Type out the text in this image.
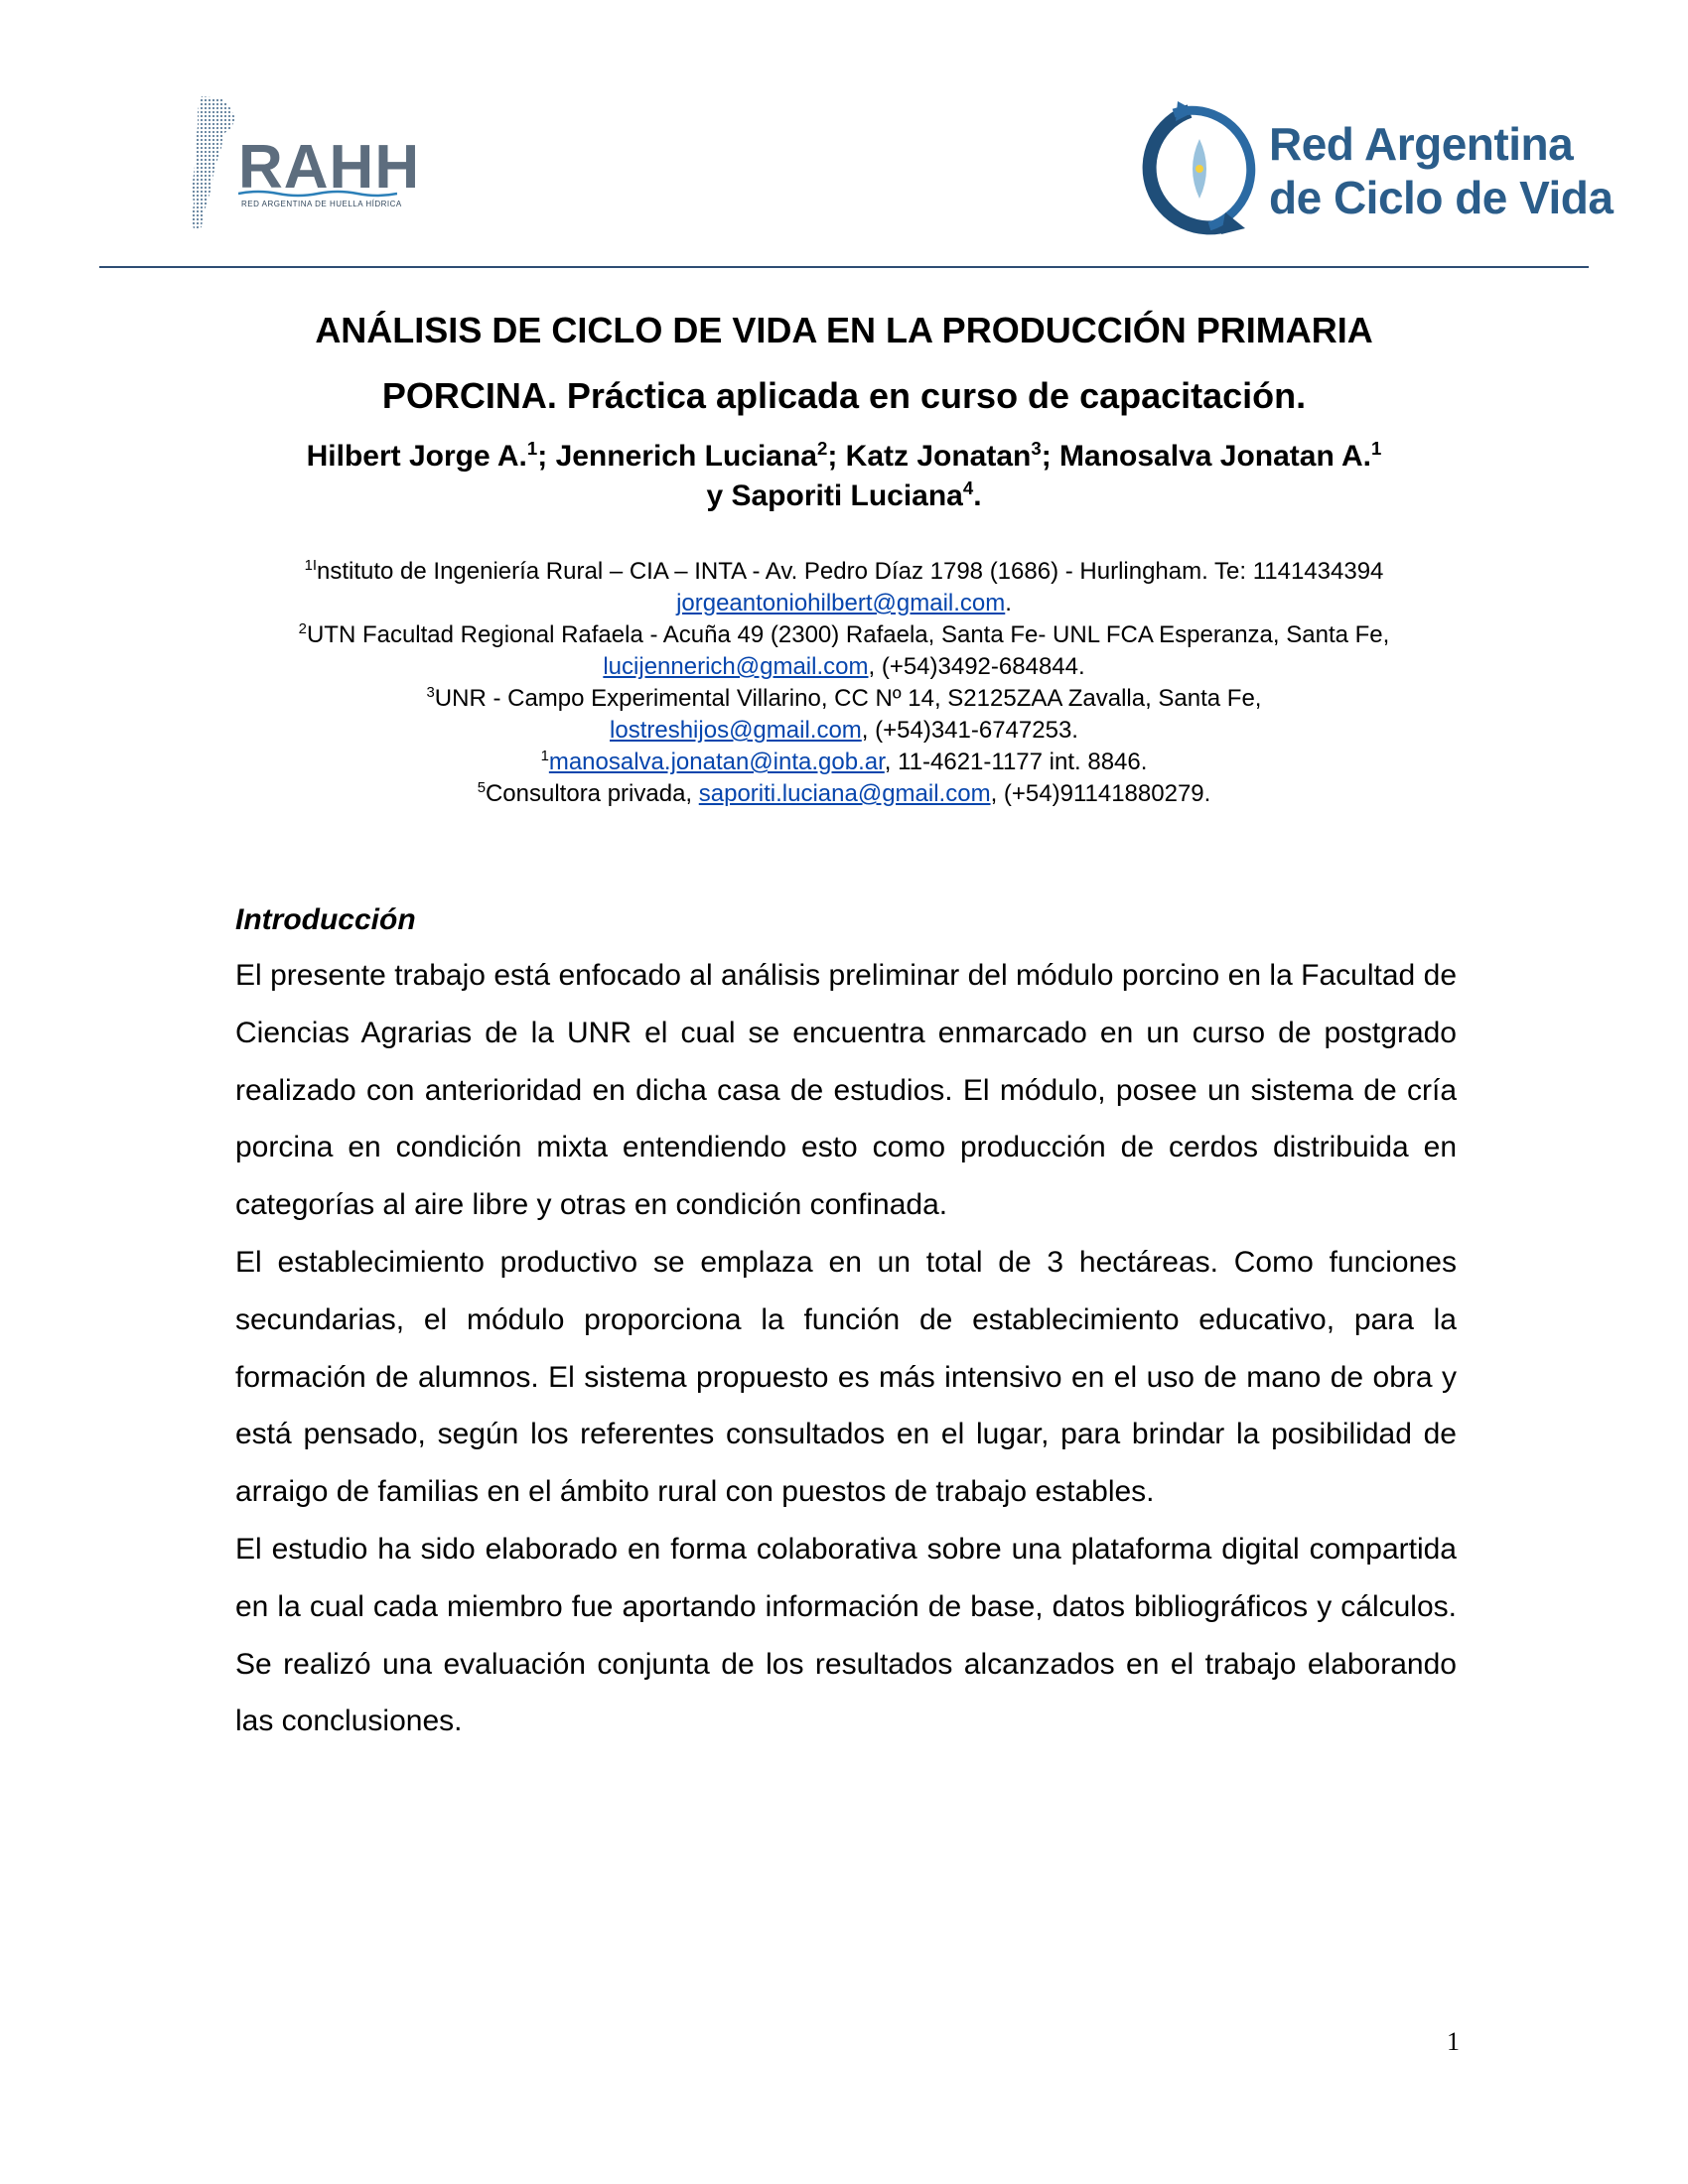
RAHH
RED ARGENTINA DE HUELLA HÍDRICA
Red Argentina
de Ciclo de Vida
ANÁLISIS DE CICLO DE VIDA EN LA PRODUCCIÓN PRIMARIA
PORCINA. Práctica aplicada en curso de capacitación.
Hilbert Jorge A.$^1$; Jennerich Luciana$^2$; Katz Jonatan$^3$; Manosalva Jonatan A.$^1$
y Saporiti Luciana$^4$.
$^{1I}$nstituto de Ingeniería Rural – CIA – INTA - Av. Pedro Díaz 1798 (1686) - Hurlingham. Te: 1141434394 jorgeantoniohilbert@gmail.com.
$^2$UTN Facultad Regional Rafaela - Acuña 49 (2300) Rafaela, Santa Fe- UNL FCA Esperanza, Santa Fe, lucijennerich@gmail.com, (+54)3492-684844.
$^3$UNR - Campo Experimental Villarino, CC Nº 14, S2125ZAA Zavalla, Santa Fe, lostreshijos@gmail.com, (+54)341-6747253.
$^1$manosalva.jonatan@inta.gob.ar, 11-4621-1177 int. 8846.
$^5$Consultora privada, saporiti.luciana@gmail.com, (+54)91141880279.
Introducción

El presente trabajo está enfocado al análisis preliminar del módulo porcino en la Facultad de Ciencias Agrarias de la UNR el cual se encuentra enmarcado en un curso de postgrado realizado con anterioridad en dicha casa de estudios. El módulo, posee un sistema de cría porcina en condición mixta entendiendo esto como producción de cerdos distribuida en categorías al aire libre y otras en condición confinada.

El establecimiento productivo se emplaza en un total de 3 hectáreas. Como funciones secundarias, el módulo proporciona la función de establecimiento educativo, para la formación de alumnos. El sistema propuesto es más intensivo en el uso de mano de obra y está pensado, según los referentes consultados en el lugar, para brindar la posibilidad de arraigo de familias en el ámbito rural con puestos de trabajo estables.

El estudio ha sido elaborado en forma colaborativa sobre una plataforma digital compartida en la cual cada miembro fue aportando información de base, datos bibliográficos y cálculos. Se realizó una evaluación conjunta de los resultados alcanzados en el trabajo elaborando las conclusiones.

1
